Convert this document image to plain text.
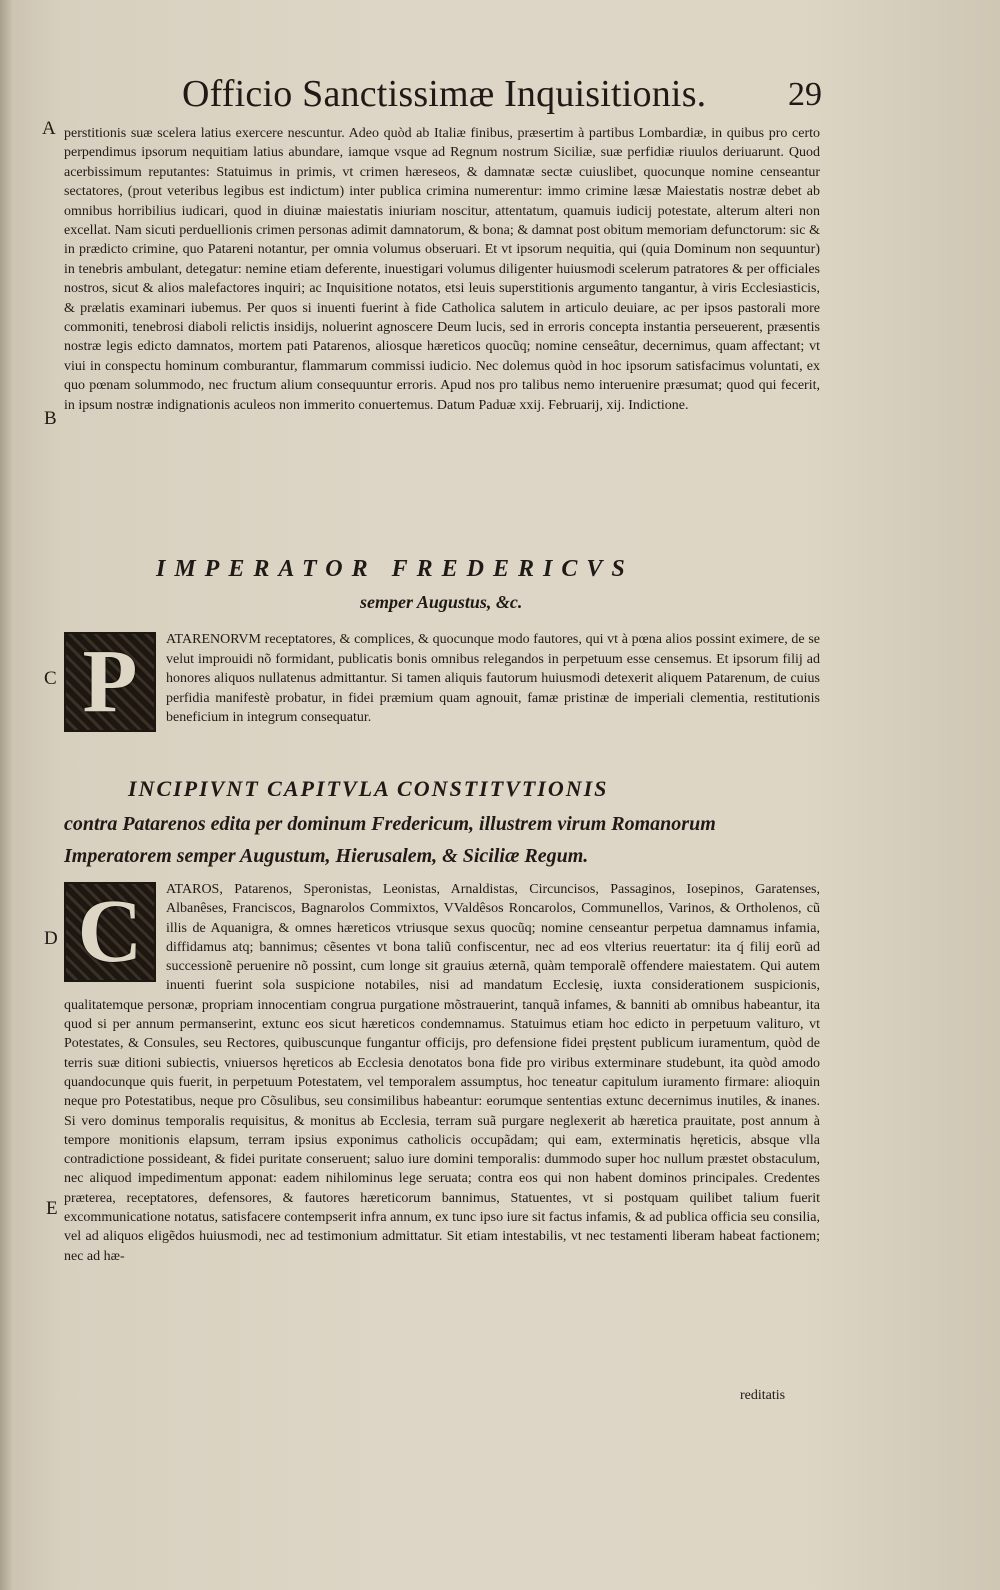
Officio Sanctissimæ Inquisitionis. 29
A
B
C
D
E
perstitionis suæ scelera latius exercere nescuntur. Adeo quòd ab Italiæ finibus, præsertim à partibus Lombardiæ, in quibus pro certo perpendimus ipsorum nequitiam latius abundare, iamque vsque ad Regnum nostrum Siciliæ, suæ perfidiæ riuulos deriuarunt. Quod acerbissimum reputantes: Statuimus in primis, vt crimen hæreseos, & damnatæ sectæ cuiuslibet, quocunque nomine censeantur sectatores, (prout veteribus legibus est indictum) inter publica crimina numerentur: immo crimine læsæ Maiestatis nostræ debet ab omnibus horribilius iudicari, quod in diuinæ maiestatis iniuriam noscitur, attentatum, quamuis iudicij potestate, alterum alteri non excellat. Nam sicuti perduellionis crimen personas adimit damnatorum, & bona; & damnat post obitum memoriam defunctorum: sic & in prædicto crimine, quo Patareni notantur, per omnia volumus obseruari. Et vt ipsorum nequitia, qui (quia Dominum non sequuntur) in tenebris ambulant, detegatur: nemine etiam deferente, inuestigari volumus diligenter huiusmodi scelerum patratores & per officiales nostros, sicut & alios malefactores inquiri; ac Inquisitione notatos, etsi leuis superstitionis argumento tangantur, à viris Ecclesiasticis, & prælatis examinari iubemus. Per quos si inuenti fuerint à fide Catholica salutem in articulo deuiare, ac per ipsos pastorali more commoniti, tenebrosi diaboli relictis insidijs, noluerint agnoscere Deum lucis, sed in erroris concepta instantia perseuerent, præsentis nostræ legis edicto damnatos, mortem pati Patarenos, aliosque hæreticos quocũq; nomine censeâtur, decernimus, quam affectant; vt viui in conspectu hominum comburantur, flammarum commissi iudicio. Nec dolemus quòd in hoc ipsorum satisfacimus voluntati, ex quo pœnam solummodo, nec fructum alium consequuntur erroris. Apud nos pro talibus nemo interuenire præsumat; quod qui fecerit, in ipsum nostræ indignationis aculeos non immerito conuertemus. Datum Paduæ xxij. Februarij, xij. Indictione.
IMPERATOR FREDERICVS
semper Augustus, &c.
P	ATARENORVM receptatores, & complices, & quocunque modo fautores, qui vt à pœna alios possint eximere, de se velut improuidi nõ formidant, publicatis bonis omnibus relegandos in perpetuum esse censemus. Et ipsorum filij ad honores aliquos nullatenus admittantur. Si tamen aliquis fautorum huiusmodi detexerit aliquem Patarenum, de cuius perfidia manifestè probatur, in fidei præmium quam agnouit, famæ pristinæ de imperiali clementia, restitutionis beneficium in integrum consequatur.
INCIPIVNT CAPITVLA CONSTITVTIONIS
contra Patarenos edita per dominum Fredericum, illustrem virum Romanorum Imperatorem semper Augustum, Hierusalem, & Siciliæ Regum.
C	ATAROS, Patarenos, Speronistas, Leonistas, Arnaldistas, Circuncisos, Passaginos, Iosepinos, Garatenses, Albanêses, Franciscos, Bagnarolos Commixtos, VValdêsos Roncarolos, Communellos, Varinos, & Ortholenos, cũ illis de Aquanigra, & omnes hæreticos vtriusque sexus quocũq; nomine censeantur perpetua damnamus infamia, diffidamus atq; bannimus; cẽsentes vt bona taliũ confiscentur, nec ad eos vlterius reuertatur: ita q́ filij eorũ ad successionẽ peruenire nõ possint, cum longe sit grauius æternã, quàm temporalẽ offendere maiestatem. Qui autem inuenti fuerint sola suspicione notabiles, nisi ad mandatum Ecclesię, iuxta considerationem suspicionis, qualitatemque personæ, propriam innocentiam congrua purgatione mõstrauerint, tanquã infames, & banniti ab omnibus habeantur, ita quod si per annum permanserint, extunc eos sicut hæreticos condemnamus. Statuimus etiam hoc edicto in perpetuum valituro, vt Potestates, & Consules, seu Rectores, quibuscunque fungantur officijs, pro defensione fidei pręstent publicum iuramentum, quòd de terris suæ ditioni subiectis, vniuersos hęreticos ab Ecclesia denotatos bona fide pro viribus exterminare studebunt, ita quòd amodo quandocunque quis fuerit, in perpetuum Potestatem, vel temporalem assumptus, hoc teneatur capitulum iuramento firmare: alioquin neque pro Potestatibus, neque pro Cõsulibus, seu consimilibus habeantur: eorumque sententias extunc decernimus inutiles, & inanes. Si vero dominus temporalis requisitus, & monitus ab Ecclesia, terram suã purgare neglexerit ab hæretica prauitate, post annum à tempore monitionis elapsum, terram ipsius exponimus catholicis occupãdam; qui eam, exterminatis hęreticis, absque vlla contradictione possideant, & fidei puritate conseruent; saluo iure domini temporalis: dummodo super hoc nullum præstet obstaculum, nec aliquod impedimentum apponat: eadem nihilominus lege seruata; contra eos qui non habent dominos principales. Credentes præterea, receptatores, defensores, & fautores hæreticorum bannimus, Statuentes, vt si postquam quilibet talium fuerit excommunicatione notatus, satisfacere contempserit infra annum, ex tunc ipso iure sit factus infamis, & ad publica officia seu consilia, vel ad aliquos eligẽdos huiusmodi, nec ad testimonium admittatur. Sit etiam intestabilis, vt nec testamenti liberam habeat factionem; nec ad hæ-
reditatis
